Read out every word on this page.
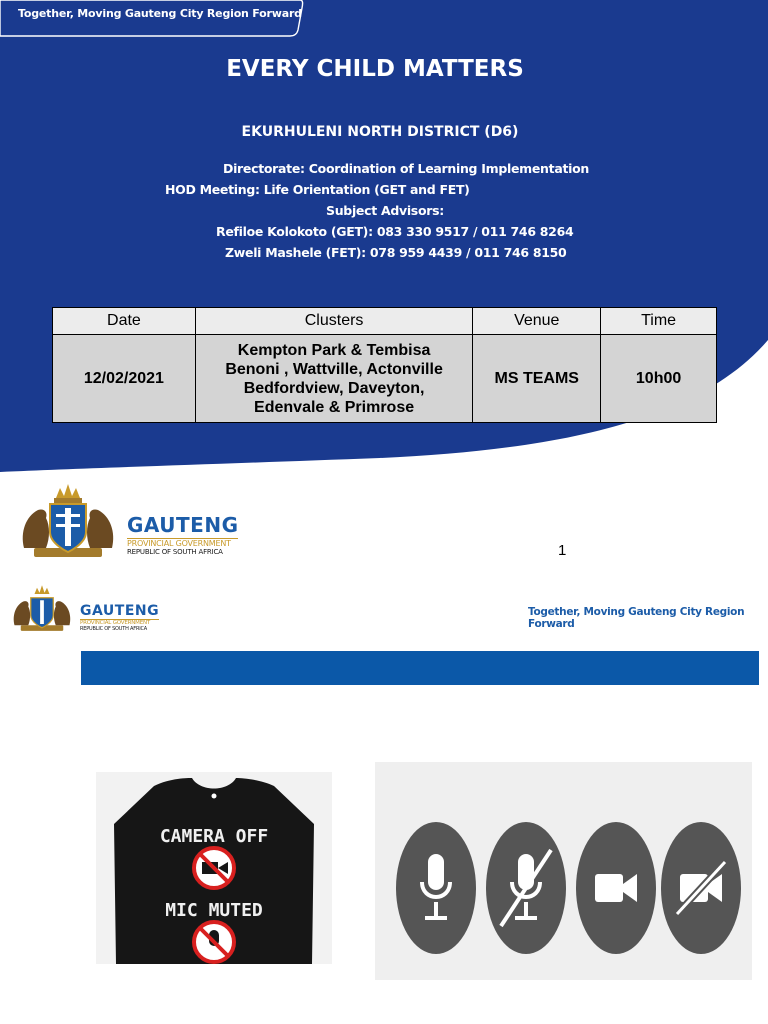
Together, Moving Gauteng City Region Forward
EVERY CHILD MATTERS
EKURHULENI NORTH DISTRICT (D6)
Directorate: Coordination of Learning Implementation
HOD Meeting: Life Orientation (GET and FET)
Subject Advisors:
Refiloe Kolokoto (GET): 083 330 9517 / 011 746 8264
Zweli Mashele (FET): 078 959 4439 / 011 746 8150
Date	Clusters	Venue	Time
12/02/2021	Kempton Park & Tembisa
Benoni , Wattville, Actonville
Bedfordview, Daveyton,
Edenvale & Primrose	MS TEAMS	10h00
GAUTENG
PROVINCIAL GOVERNMENT
REPUBLIC OF SOUTH AFRICA	1
GAUTENG
PROVINCIAL GOVERNMENT
REPUBLIC OF SOUTH AFRICA
Together, Moving Gauteng City Region Forward
CAMERA OFF
MIC MUTED
